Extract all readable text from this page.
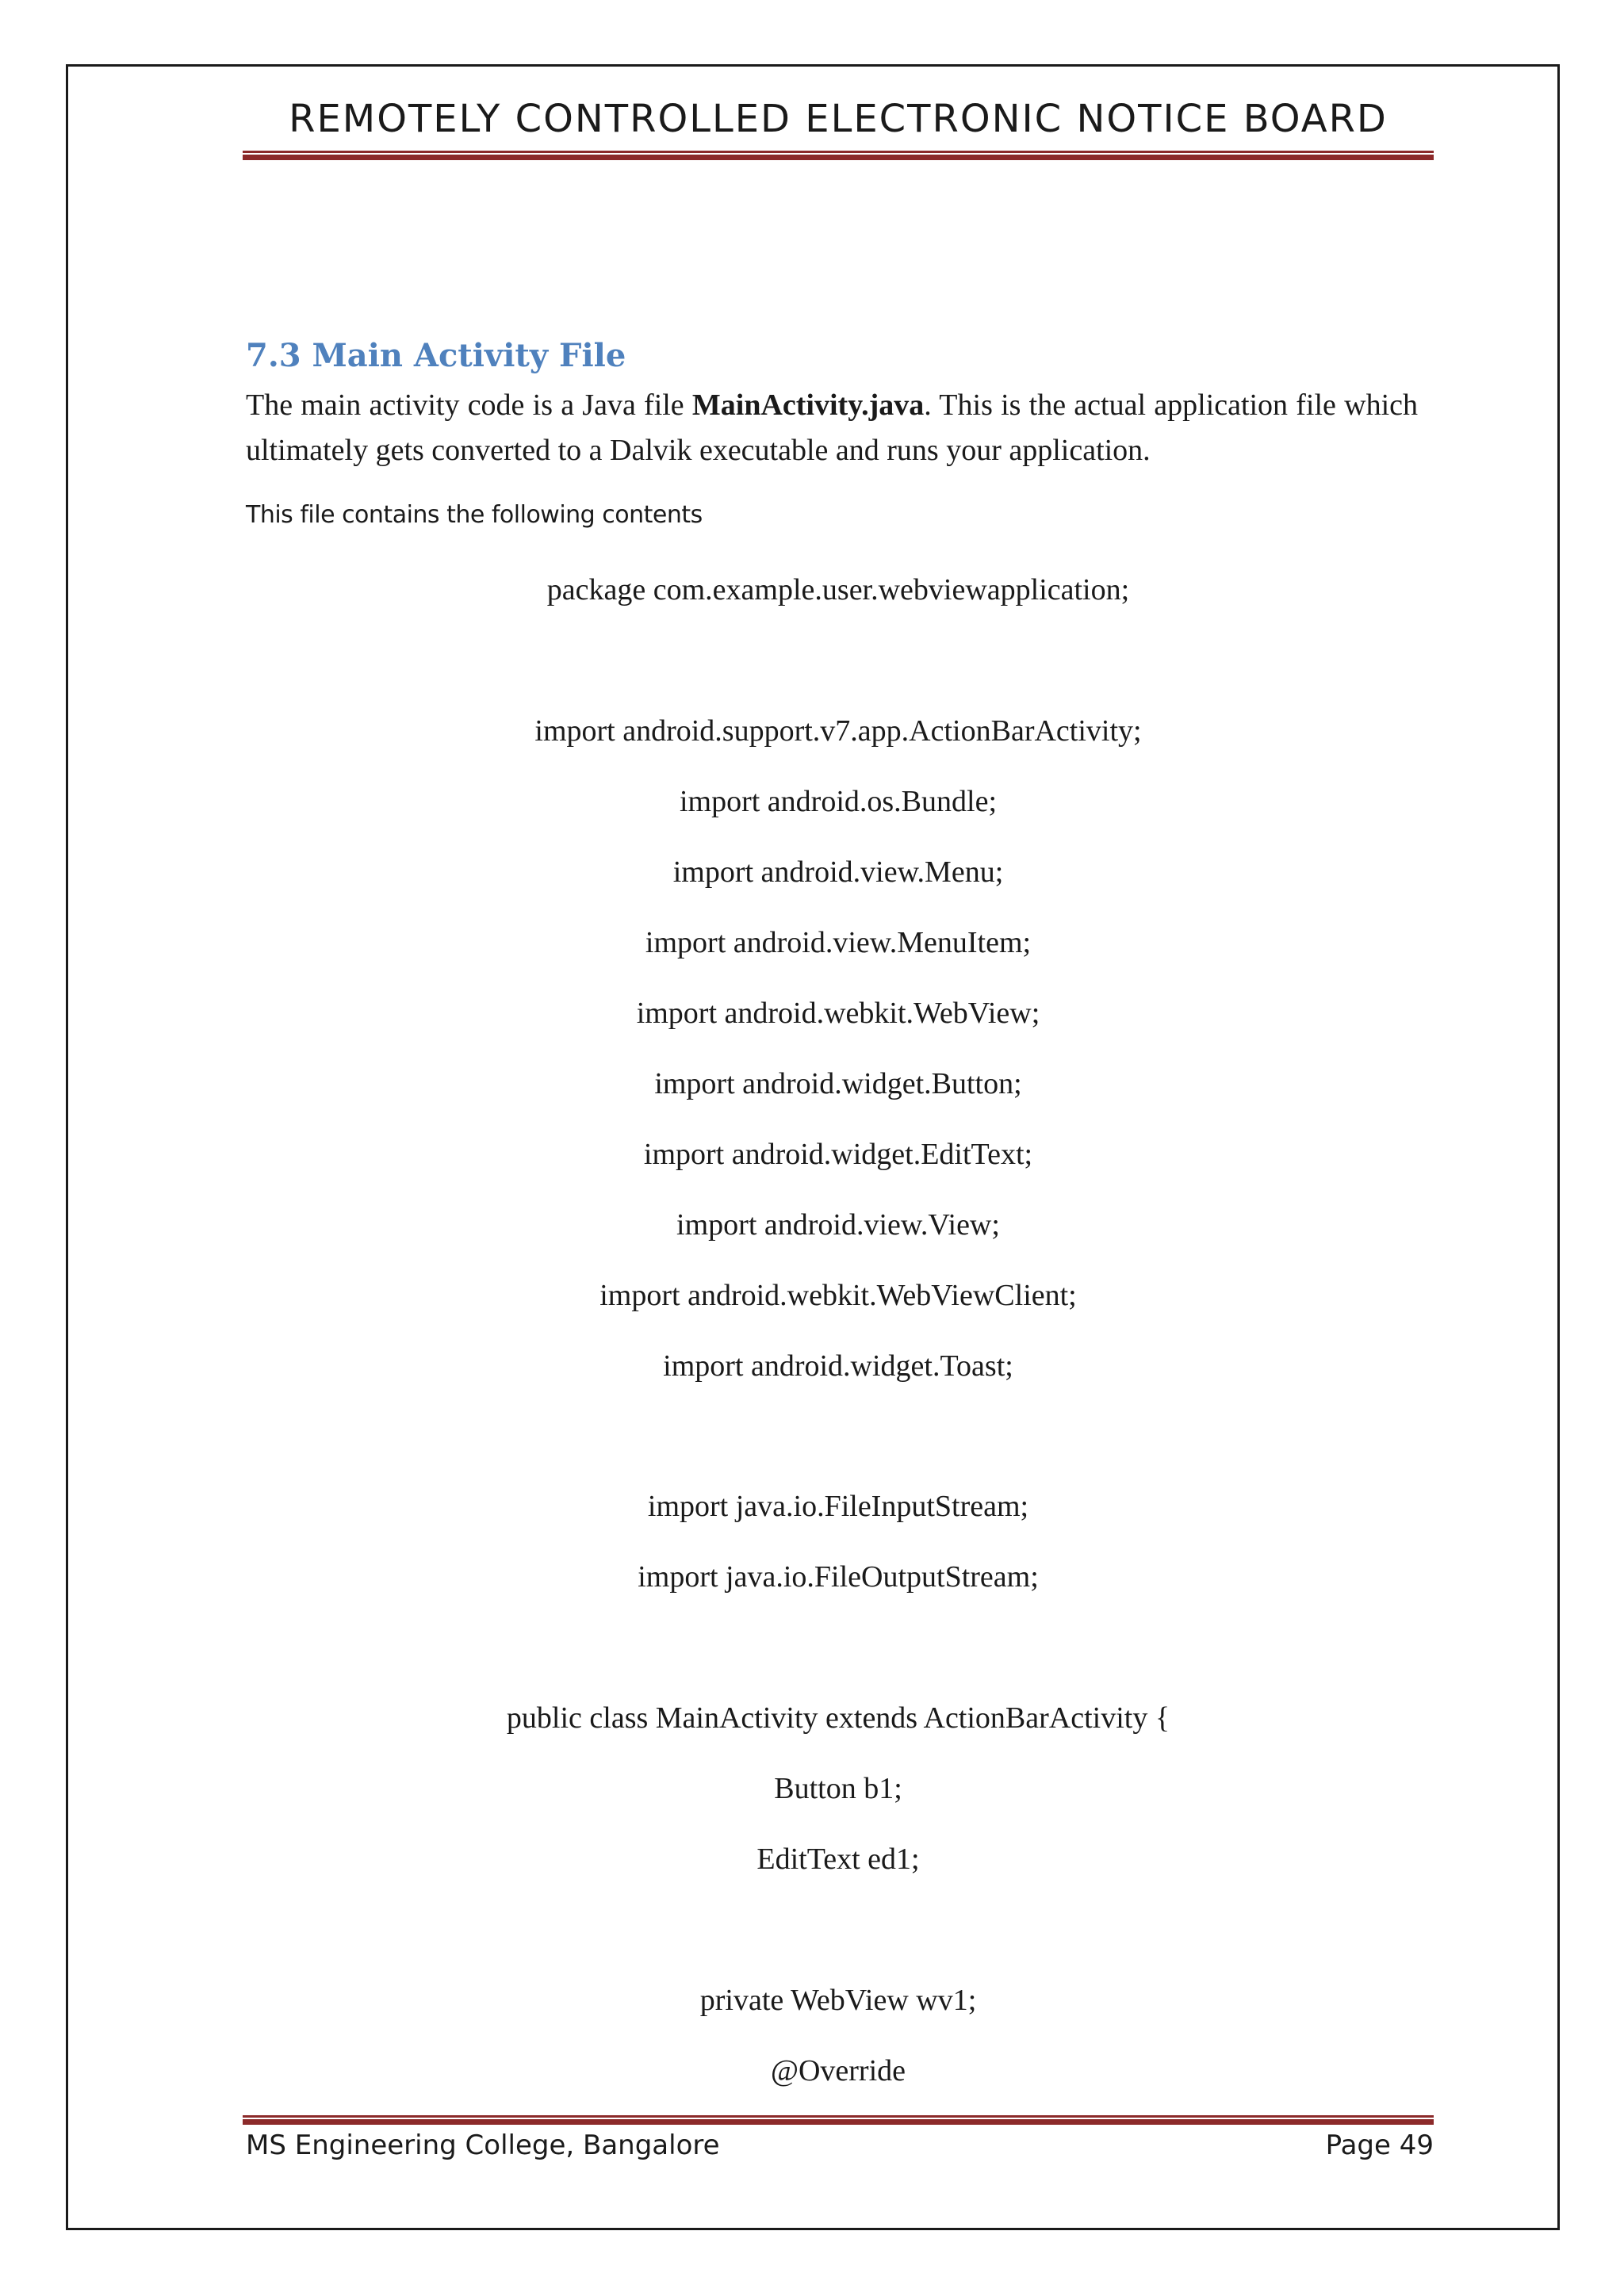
REMOTELY CONTROLLED ELECTRONIC NOTICE BOARD
7.3 Main Activity File
The main activity code is a Java file MainActivity.java. This is the actual application file which ultimately gets converted to a Dalvik executable and runs your application.
This file contains the following contents
package com.example.user.webviewapplication;
import android.support.v7.app.ActionBarActivity;
import android.os.Bundle;
import android.view.Menu;
import android.view.MenuItem;
import android.webkit.WebView;
import android.widget.Button;
import android.widget.EditText;
import android.view.View;
import android.webkit.WebViewClient;
import android.widget.Toast;
import java.io.FileInputStream;
import java.io.FileOutputStream;
public class MainActivity extends ActionBarActivity {
Button b1;
EditText ed1;
private WebView wv1;
@Override
MS Engineering College, Bangalore	Page 49
